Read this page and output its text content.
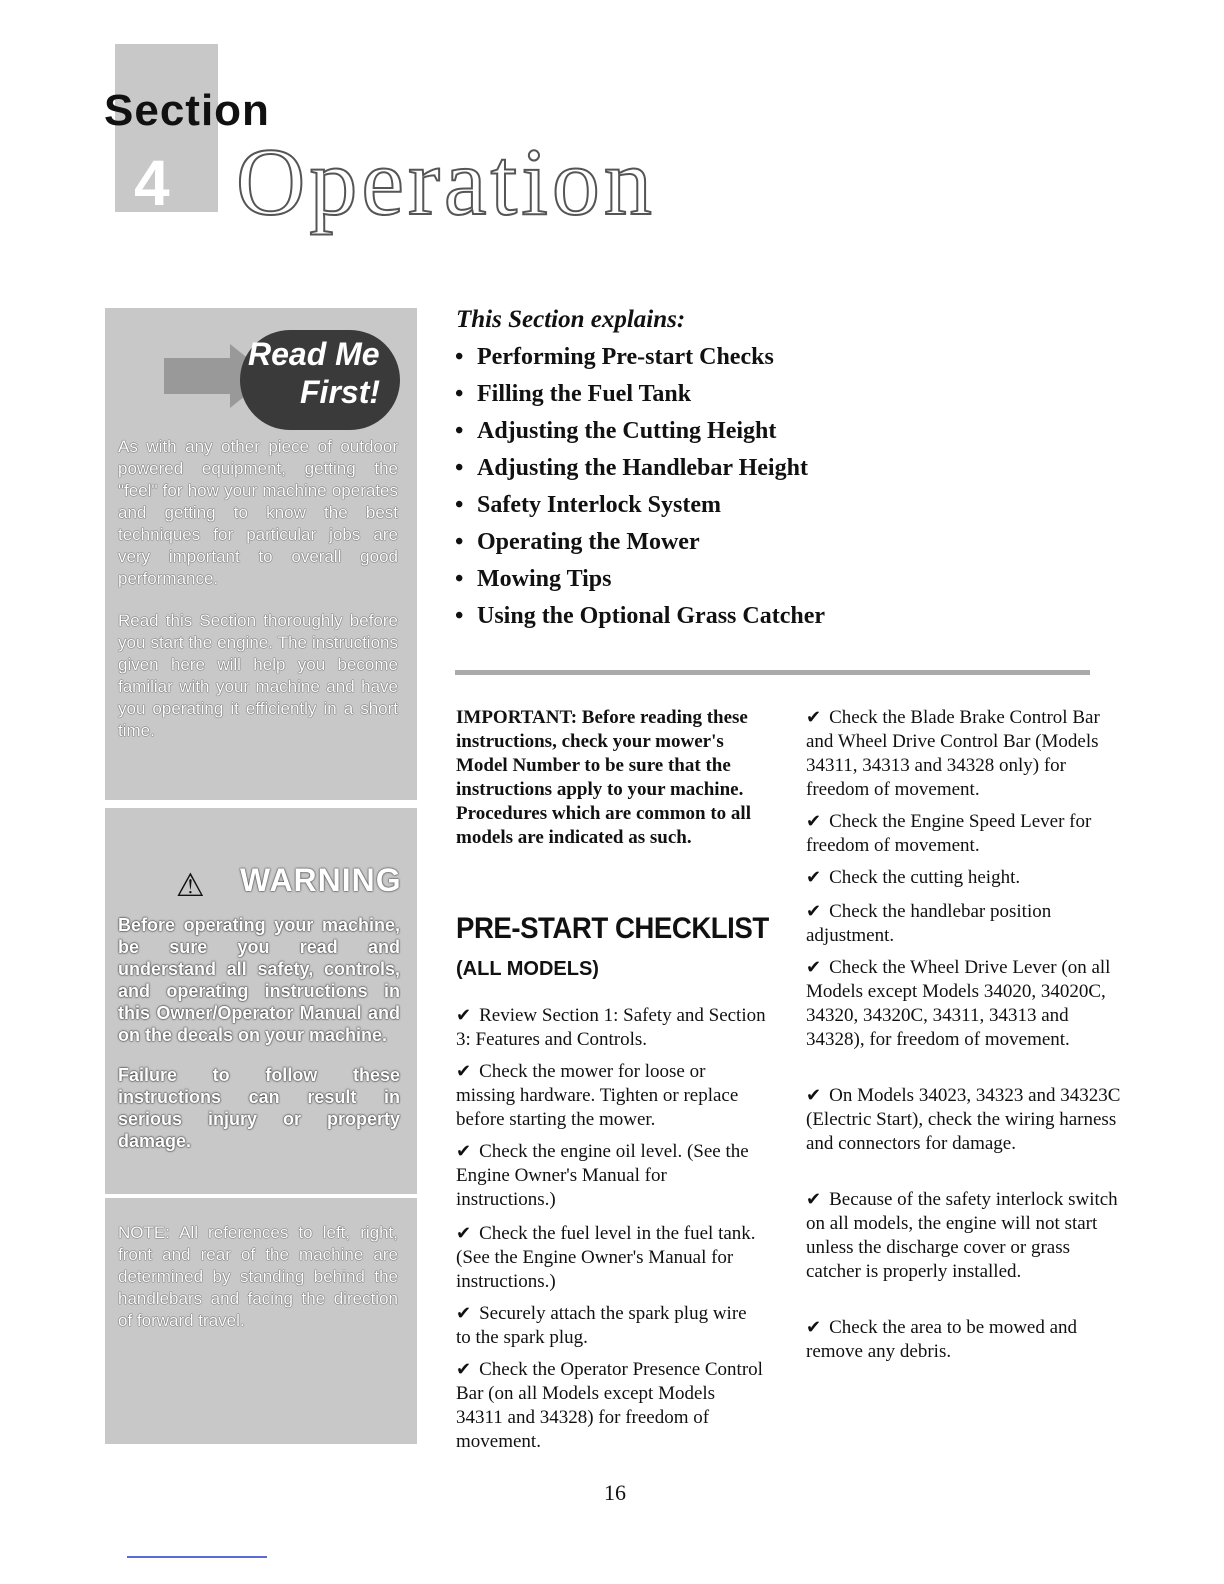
Section
4 Operation
Read Me
First!

As with any other piece of outdoor powered equipment, getting the "feel" for how your machine operates and getting to know the best techniques for particular jobs are very important to overall good performance.

Read this Section thoroughly before you start the engine. The instructions given here will help you become familiar with your machine and have you operating it efficiently in a short time.

⚠ WARNING

Before operating your machine, be sure you read and understand all safety, controls, and operating instructions in this Owner/Operator Manual and on the decals on your machine.

Failure to follow these instructions can result in serious injury or property damage.

NOTE: All references to left, right, front and rear of the machine are determined by standing behind the handlebars and facing the direction of forward travel.

This Section explains:
• Performing Pre-start Checks
• Filling the Fuel Tank
• Adjusting the Cutting Height
• Adjusting the Handlebar Height
• Safety Interlock System
• Operating the Mower
• Mowing Tips
• Using the Optional Grass Catcher

IMPORTANT: Before reading these instructions, check your mower's Model Number to be sure that the instructions apply to your machine. Procedures which are common to all models are indicated as such.

PRE-START CHECKLIST
(ALL MODELS)

✔ Review Section 1: Safety and Section 3: Features and Controls.

✔ Check the mower for loose or missing hardware. Tighten or replace before starting the mower.

✔ Check the engine oil level. (See the Engine Owner's Manual for instructions.)

✔ Check the fuel level in the fuel tank. (See the Engine Owner's Manual for instructions.)

✔ Securely attach the spark plug wire to the spark plug.

✔ Check the Operator Presence Control Bar (on all Models except Models 34311 and 34328) for freedom of movement.

✔ Check the Blade Brake Control Bar and Wheel Drive Control Bar (Models 34311, 34313 and 34328 only) for freedom of movement.

✔ Check the Engine Speed Lever for freedom of movement.

✔ Check the cutting height.

✔ Check the handlebar position adjustment.

✔ Check the Wheel Drive Lever (on all Models except Models 34020, 34020C, 34320, 34320C, 34311, 34313 and 34328), for freedom of movement.

✔ On Models 34023, 34323 and 34323C (Electric Start), check the wiring harness and connectors for damage.

✔ Because of the safety interlock switch on all models, the engine will not start unless the discharge cover or grass catcher is properly installed.

✔ Check the area to be mowed and remove any debris.

16
